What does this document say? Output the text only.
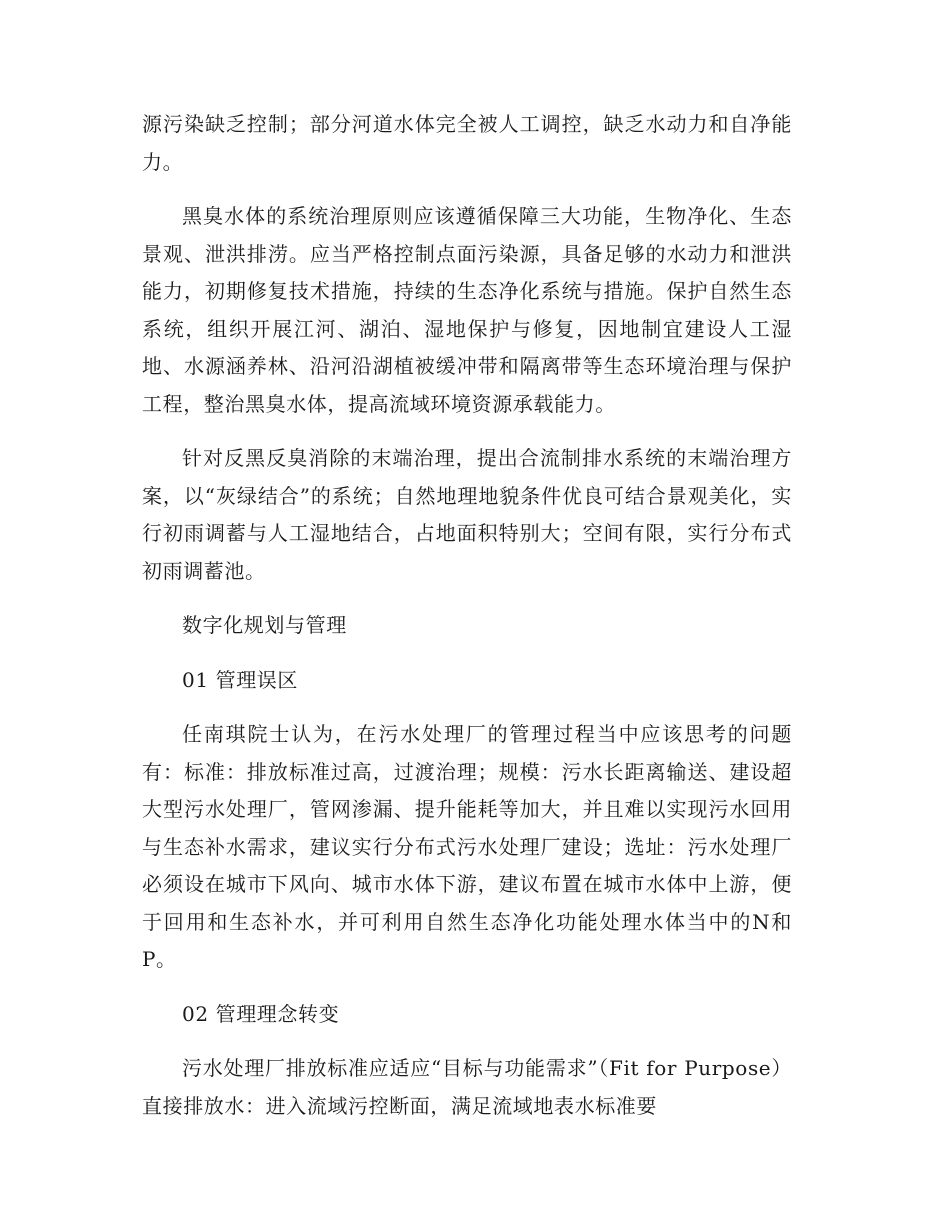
源污染缺乏控制；部分河道水体完全被人工调控，缺乏水动力和自净能力。

黑臭水体的系统治理原则应该遵循保障三大功能，生物净化、生态景观、泄洪排涝。应当严格控制点面污染源，具备足够的水动力和泄洪能力，初期修复技术措施，持续的生态净化系统与措施。保护自然生态系统，组织开展江河、湖泊、湿地保护与修复，因地制宜建设人工湿地、水源涵养林、沿河沿湖植被缓冲带和隔离带等生态环境治理与保护工程，整治黑臭水体，提高流域环境资源承载能力。

针对反黑反臭消除的末端治理，提出合流制排水系统的末端治理方案，以“灰绿结合”的系统；自然地理地貌条件优良可结合景观美化，实行初雨调蓄与人工湿地结合，占地面积特别大；空间有限，实行分布式初雨调蓄池。

数字化规划与管理

01 管理误区

任南琪院士认为，在污水处理厂的管理过程当中应该思考的问题有：标准：排放标准过高，过渡治理；规模：污水长距离输送、建设超大型污水处理厂，管网渗漏、提升能耗等加大，并且难以实现污水回用与生态补水需求，建议实行分布式污水处理厂建设；选址：污水处理厂必须设在城市下风向、城市水体下游，建议布置在城市水体中上游，便于回用和生态补水，并可利用自然生态净化功能处理水体当中的N和P。

02 管理理念转变

污水处理厂排放标准应适应“目标与功能需求”（Fit for Purpose）直接排放水：进入流域污控断面，满足流域地表水标准要
